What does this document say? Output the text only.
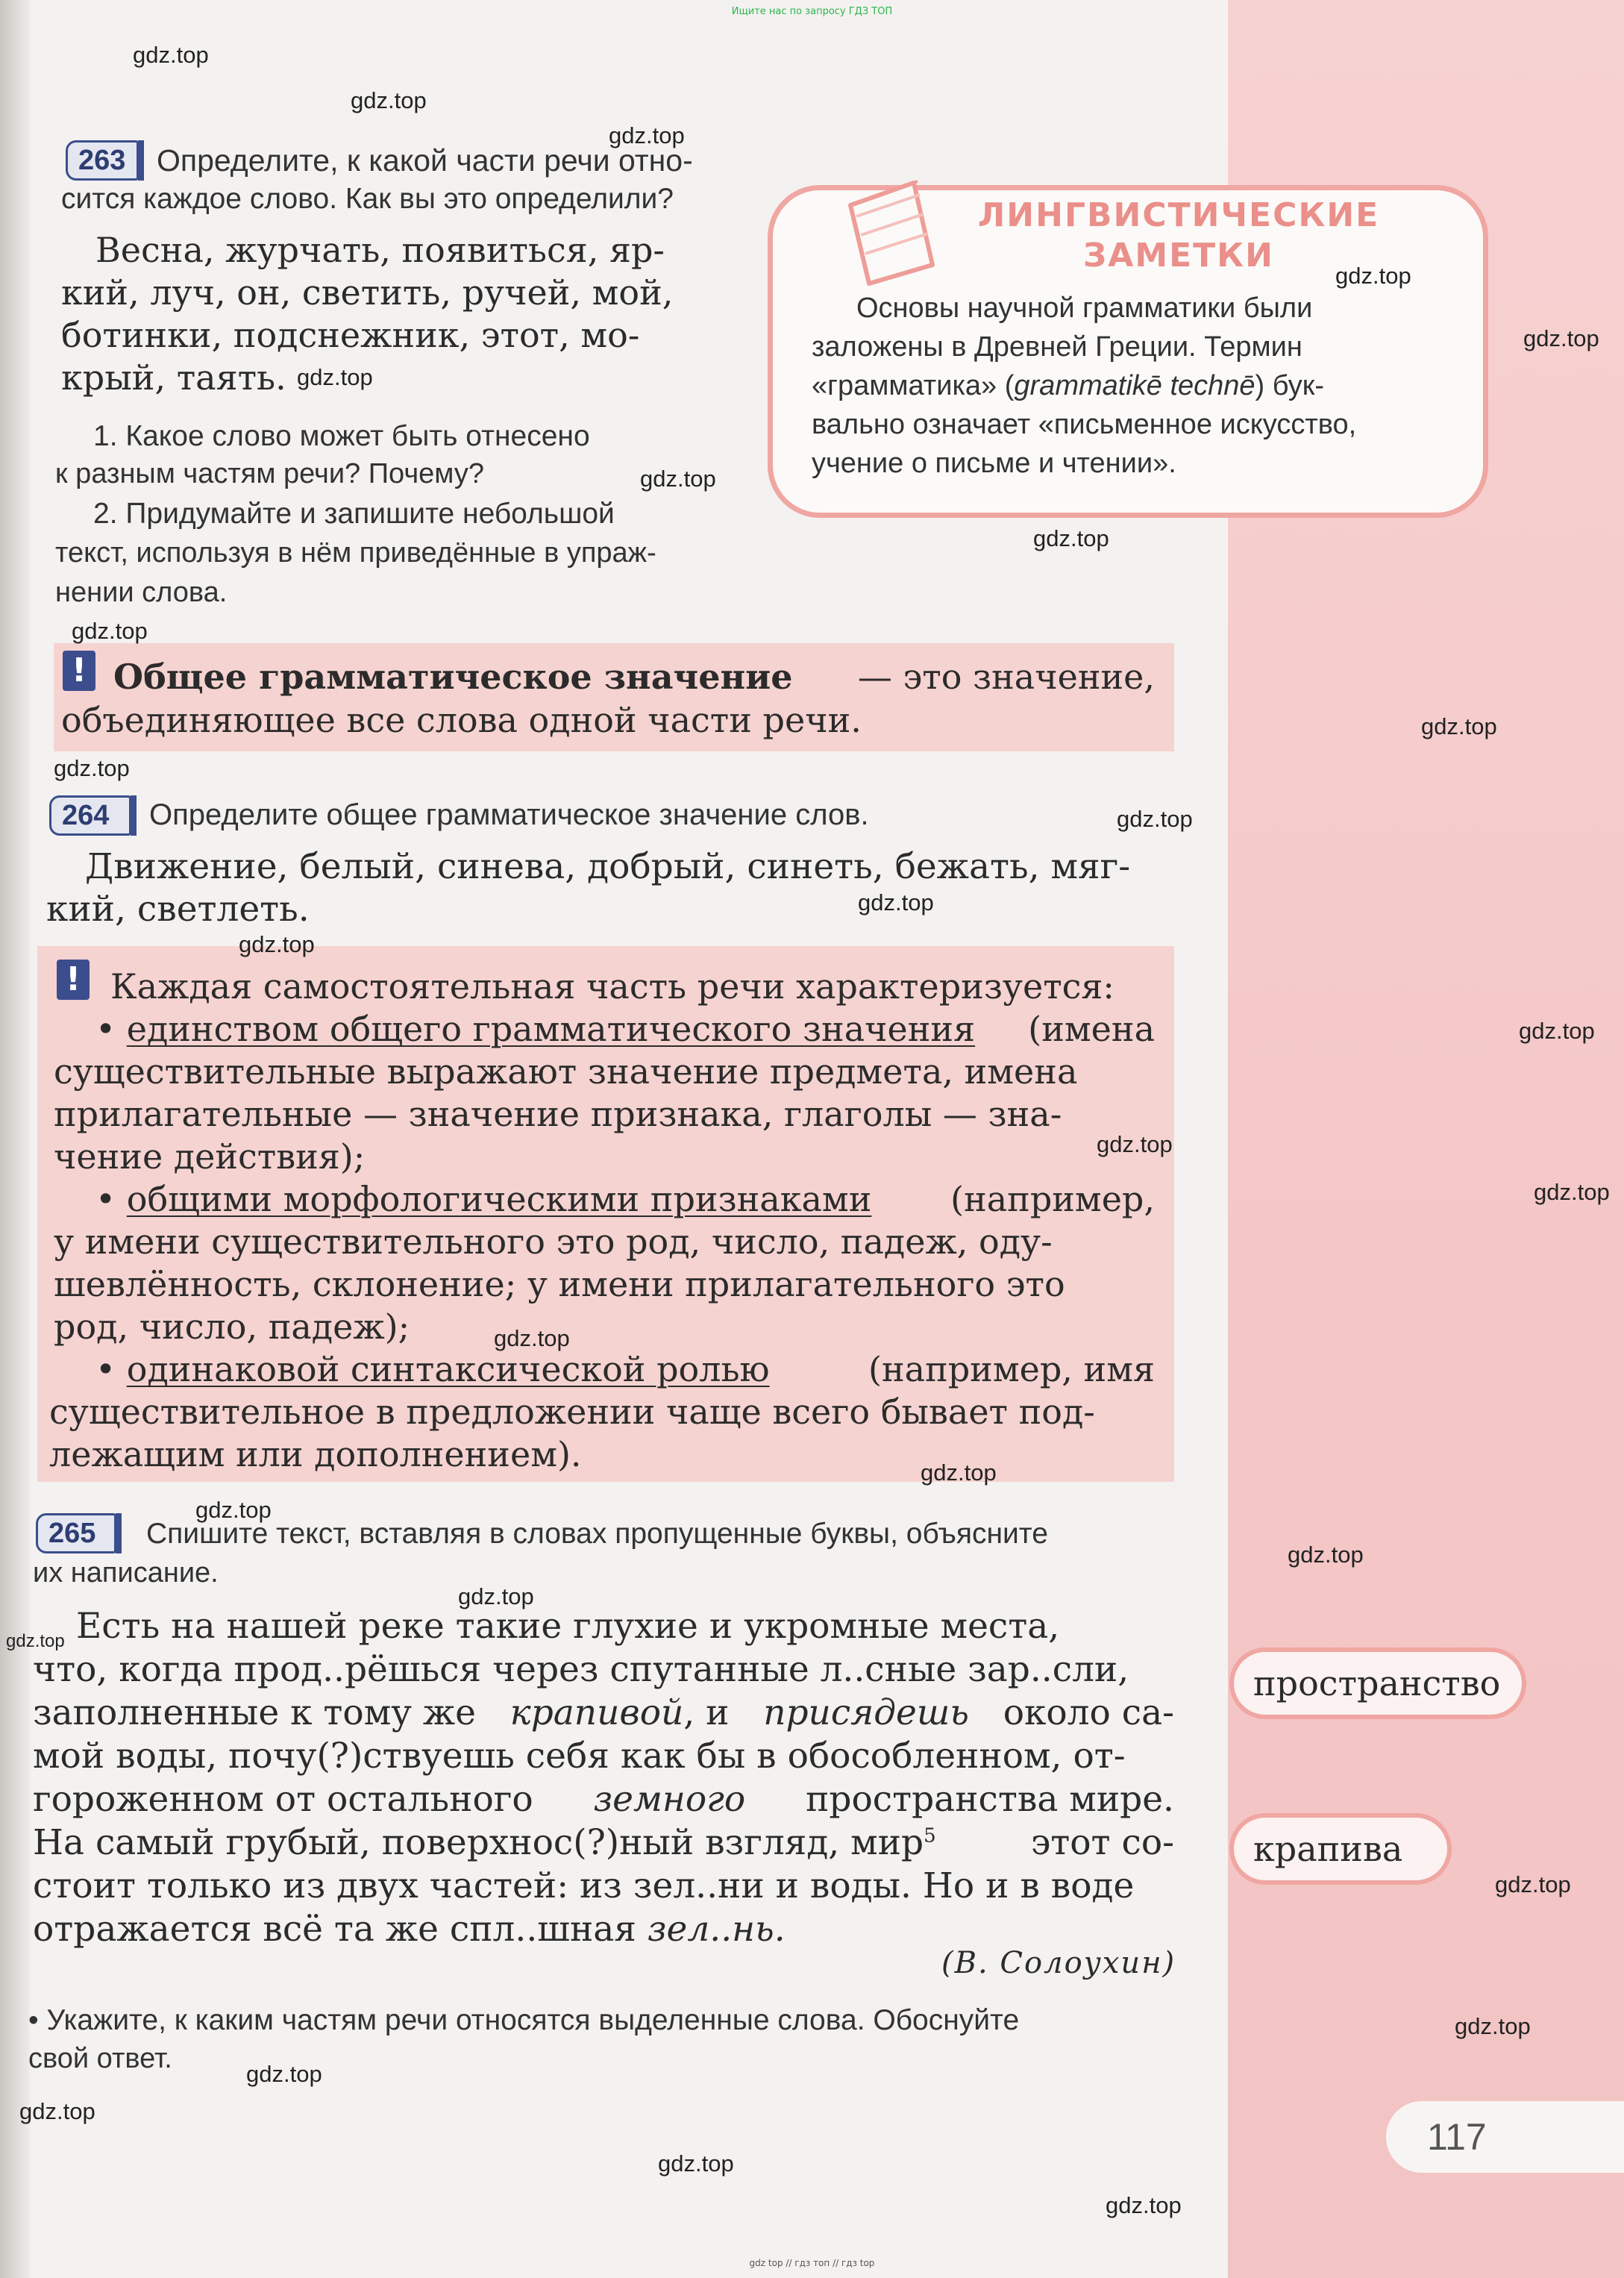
Ищите нас по запросу ГДЗ ТОП
263	Определите, к какой части речи отно-
сится каждое слово. Как вы это определили?
Весна, журчать, появиться, яр-
кий, луч, он, светить, ручей, мой,
ботинки, подснежник, этот, мо-
крый, таять.
1. Какое слово может быть отнесено
к разным частям речи? Почему?
2. Придумайте и запишите небольшой
текст, используя в нём приведённые в упраж-
нении слова.
! Общее грамматическое значение — это значение,
объединяющее все слова одной части речи.
264	Определите общее грамматическое значение слов.
Движение, белый, синева, добрый, синеть, бежать, мяг-
кий, светлеть.
! Каждая самостоятельная часть речи характеризуется:
• единством общего грамматического значения (имена
существительные выражают значение предмета, имена
прилагательные — значение признака, глаголы — зна-
чение действия);
• общими морфологическими признаками (например,
у имени существительного это род, число, падеж, оду-
шевлённость, склонение; у имени прилагательного это
род, число, падеж);
• одинаковой синтаксической ролью	(например, имя
существительное в предложении чаще всего бывает под-
лежащим или дополнением).
265	Спишите текст, вставляя в словах пропущенные буквы, объясните
их написание.
Есть на нашей реке такие глухие и укромные места,
что, когда прод..рёшься через спутанные л..сные зар..сли,
заполненные к тому же крапивой, и присядешь около са-
мой воды, почу(?)ствуешь себя как бы в обособленном, от-
гороженном от остального земного пространства мире.
На самый грубый, поверхнос(?)ный взгляд, мир$^5$	этот со-
стоит только из двух частей: из зел..ни и воды. Но и в воде
отражается всё та же спл..шная зел..нь.
(В. Солоухин)
• Укажите, к каким частям речи относятся выделенные слова. Обоснуйте
свой ответ.
ЛИНГВИСТИЧЕСКИЕ
ЗАМЕТКИ
Основы научной грамматики были
заложены в Древней Греции. Термин
«грамматика» (grammatikē technē) бук-
вально означает «письменное искусство,
учение о письме и чтении».
пространство
крапива
117
gdz.top
gdz.top
gdz.top
gdz.top
gdz.top
gdz.top
gdz.top
gdz.top
gdz.top
gdz.top
gdz.top
gdz.top
gdz.top
gdz.top
gdz.top
gdz.top
gdz.top
gdz.top
gdz.top
gdz.top
gdz.top
gdz.top
gdz.top
gdz.top
gdz.top
gdz.top
gdz.top
gdz.top
gdz.top
gdz top // гдз топ // гдз top
